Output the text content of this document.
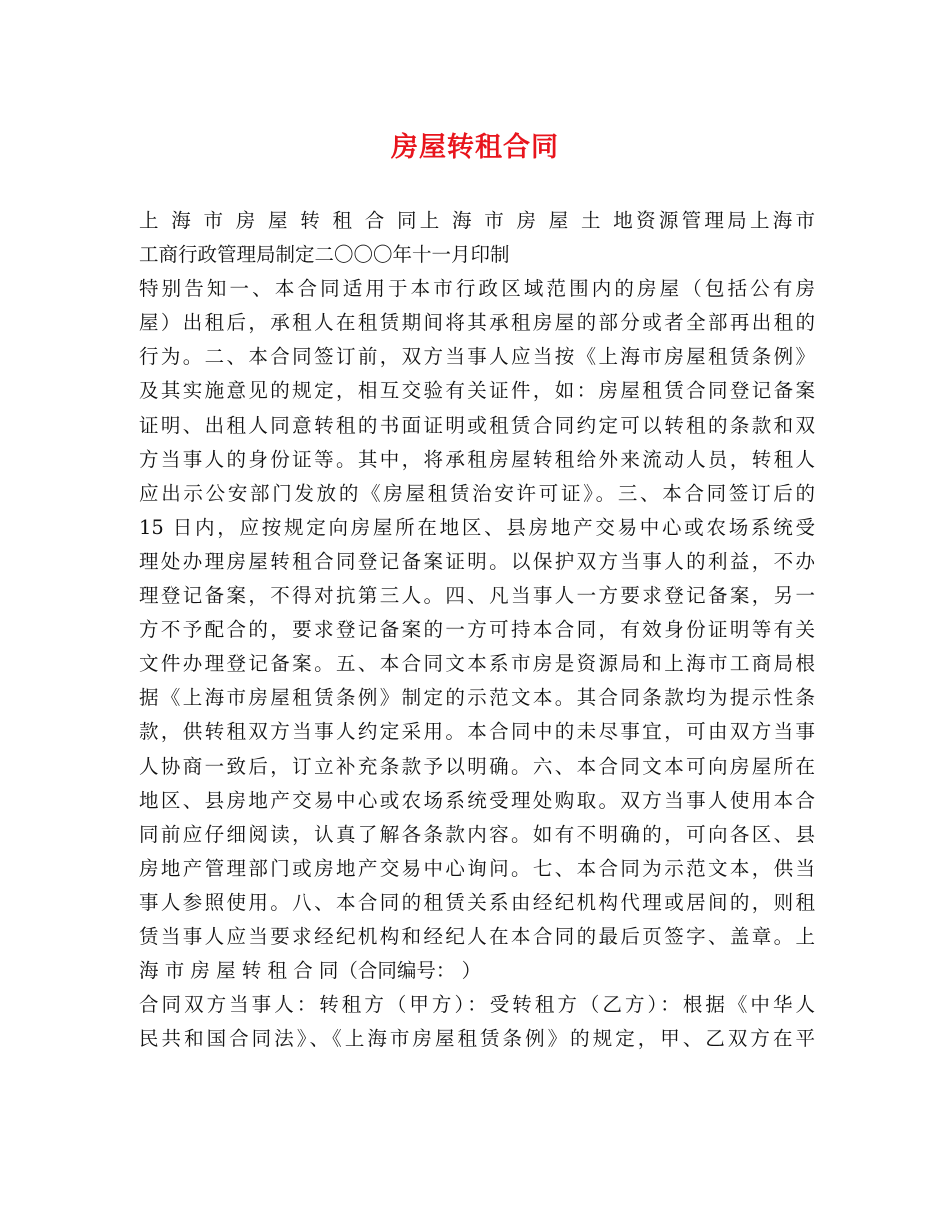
房屋转租合同
上 海 市 房 屋 转 租 合 同上 海 市 房 屋 土 地资源管理局上海市
工商行政管理局制定二〇〇〇年十一月印制
特别告知一、本合同适用于本市行政区域范围内的房屋（包括公有房
屋）出租后，承租人在租赁期间将其承租房屋的部分或者全部再出租的
行为。二、本合同签订前，双方当事人应当按《上海市房屋租赁条例》
及其实施意见的规定，相互交验有关证件，如：房屋租赁合同登记备案
证明、出租人同意转租的书面证明或租赁合同约定可以转租的条款和双
方当事人的身份证等。其中，将承租房屋转租给外来流动人员，转租人
应出示公安部门发放的《房屋租赁治安许可证》。三、本合同签订后的
15 日内，应按规定向房屋所在地区、县房地产交易中心或农场系统受
理处办理房屋转租合同登记备案证明。以保护双方当事人的利益，不办
理登记备案，不得对抗第三人。四、凡当事人一方要求登记备案，另一
方不予配合的，要求登记备案的一方可持本合同，有效身份证明等有关
文件办理登记备案。五、本合同文本系市房是资源局和上海市工商局根
据《上海市房屋租赁条例》制定的示范文本。其合同条款均为提示性条
款，供转租双方当事人约定采用。本合同中的未尽事宜，可由双方当事
人协商一致后，订立补充条款予以明确。六、本合同文本可向房屋所在
地区、县房地产交易中心或农场系统受理处购取。双方当事人使用本合
同前应仔细阅读，认真了解各条款内容。如有不明确的，可向各区、县
房地产管理部门或房地产交易中心询问。七、本合同为示范文本，供当
事人参照使用。八、本合同的租赁关系由经纪机构代理或居间的，则租
赁当事人应当要求经纪机构和经纪人在本合同的最后页签字、盖章。上
海 市 房 屋 转 租 合 同（合同编号： ）
合同双方当事人：转租方（甲方）：受转租方（乙方）：根据《中华人
民共和国合同法》、《上海市房屋租赁条例》的规定，甲、乙双方在平
